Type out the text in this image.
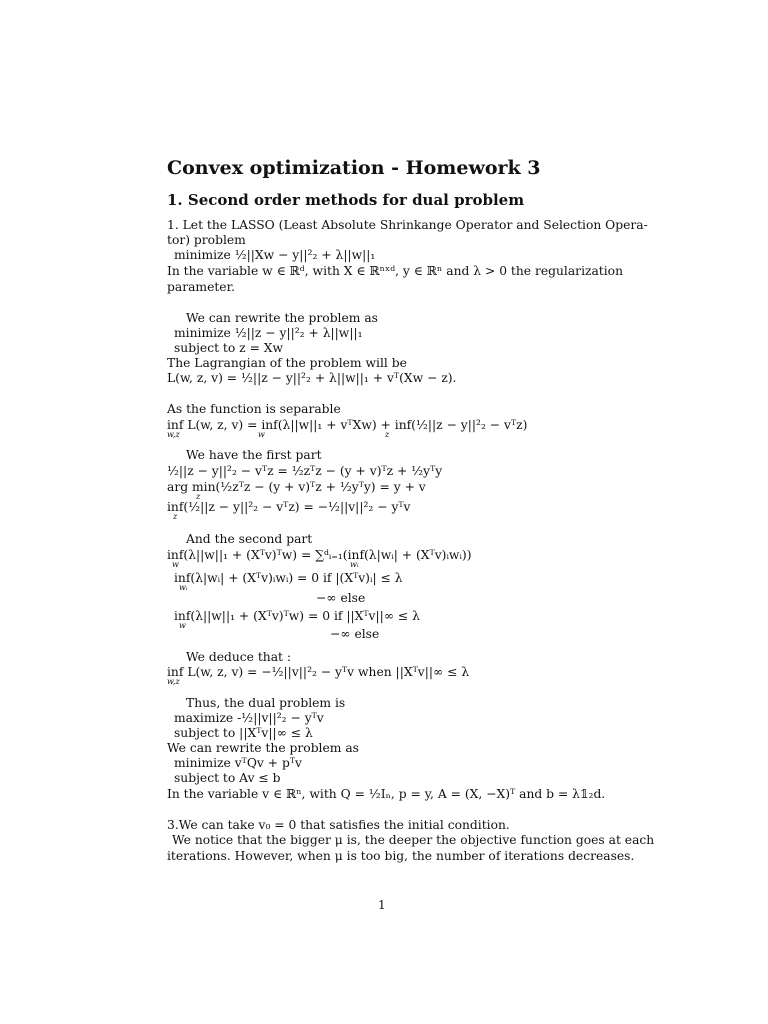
Convex optimization - Homework 3
1. Second order methods for dual problem
1. Let the LASSO (Least Absolute Shrinkange Operator and Selection Opera-
tor) problem
minimize ½||Xw − y||²₂ + λ||w||₁
In the variable w ∈ ℝᵈ, with X ∈ ℝⁿˣᵈ, y ∈ ℝⁿ and λ > 0 the regularization
parameter.
We can rewrite the problem as
minimize ½||z − y||²₂ + λ||w||₁
subject to z = Xw
The Lagrangian of the problem will be
L(w, z, v) = ½||z − y||²₂ + λ||w||₁ + vᵀ(Xw − z).
As the function is separable
inf L(w, z, v) = inf(λ||w||₁ + vᵀXw) + inf(½||z − y||²₂ − vᵀz)
w,z	w	z
We have the first part
½||z − y||²₂ − vᵀz = ½zᵀz − (y + v)ᵀz + ½yᵀy
arg min(½zᵀz − (y + v)ᵀz + ½yᵀy) = y + v
z
inf(½||z − y||²₂ − vᵀz) = −½||v||²₂ − yᵀv
z
And the second part
inf(λ||w||₁ + (Xᵀv)ᵀw) = ∑ᵈᵢ₌₁(inf(λ|wᵢ| + (Xᵀv)ᵢwᵢ))
w	wᵢ
inf(λ|wᵢ| + (Xᵀv)ᵢwᵢ) = 0 if |(Xᵀv)ᵢ| ≤ λ
wᵢ
−∞ else
inf(λ||w||₁ + (Xᵀv)ᵀw) = 0 if ||Xᵀv||∞ ≤ λ
w
−∞ else
We deduce that :
inf L(w, z, v) = −½||v||²₂ − yᵀv when ||Xᵀv||∞ ≤ λ
w,z
Thus, the dual problem is
maximize -½||v||²₂ − yᵀv
subject to ||Xᵀv||∞ ≤ λ
We can rewrite the problem as
minimize vᵀQv + pᵀv
subject to Av ≤ b
In the variable v ∈ ℝⁿ, with Q = ½Iₙ, p = y, A = (X, −X)ᵀ and b = λ𝟙₂d.
3.We can take v₀ = 0 that satisfies the initial condition.
We notice that the bigger μ is, the deeper the objective function goes at each
iterations. However, when μ is too big, the number of iterations decreases.
1
